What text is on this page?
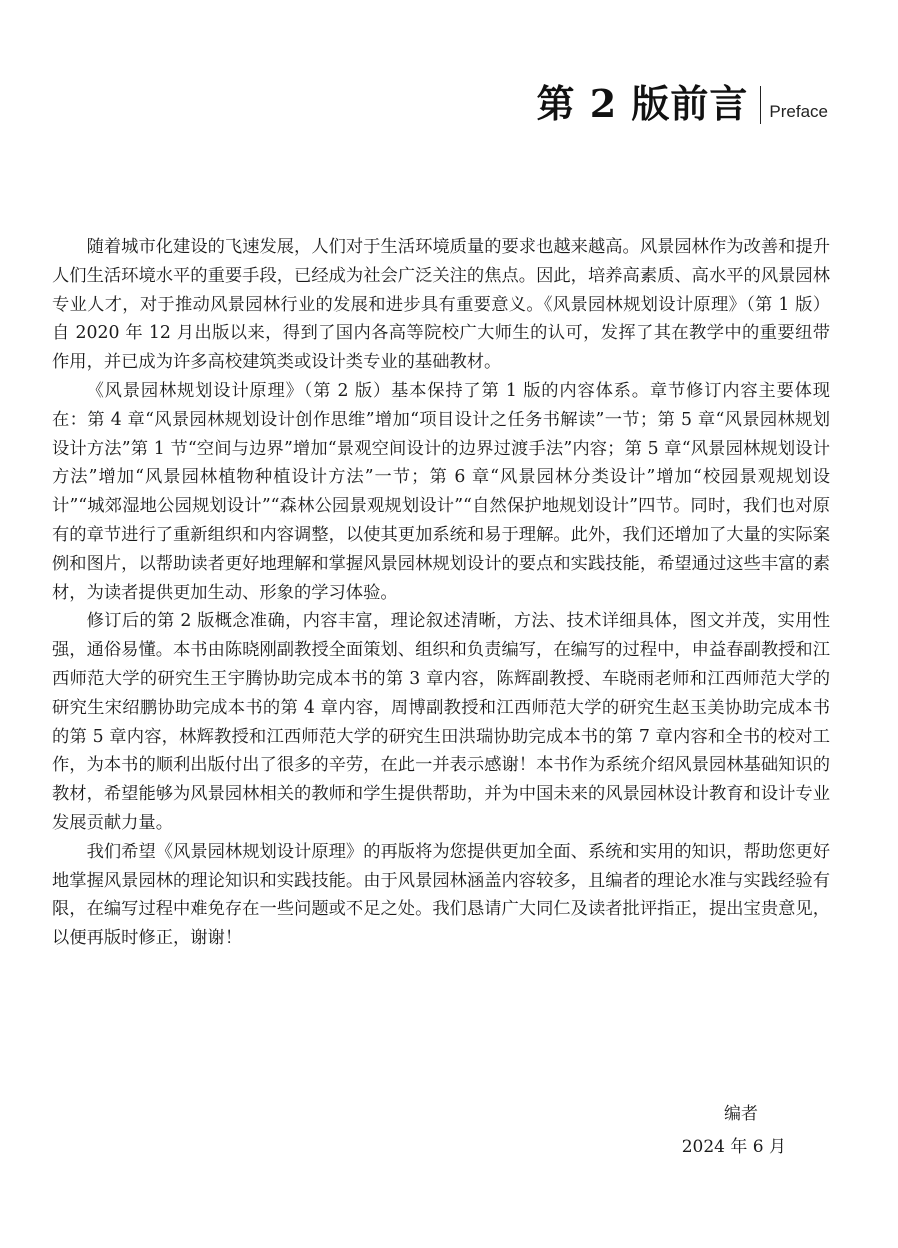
第 2 版前言 Preface

随着城市化建设的飞速发展，人们对于生活环境质量的要求也越来越高。风景园林作为改善和提升人们生活环境水平的重要手段，已经成为社会广泛关注的焦点。因此，培养高素质、高水平的风景园林专业人才，对于推动风景园林行业的发展和进步具有重要意义。《风景园林规划设计原理》（第 1 版）自 2020 年 12 月出版以来，得到了国内各高等院校广大师生的认可，发挥了其在教学中的重要纽带作用，并已成为许多高校建筑类或设计类专业的基础教材。

《风景园林规划设计原理》（第 2 版）基本保持了第 1 版的内容体系。章节修订内容主要体现在：第 4 章“风景园林规划设计创作思维”增加“项目设计之任务书解读”一节；第 5 章“风景园林规划设计方法”第 1 节“空间与边界”增加“景观空间设计的边界过渡手法”内容；第 5 章“风景园林规划设计方法”增加“风景园林植物种植设计方法”一节；第 6 章“风景园林分类设计”增加“校园景观规划设计”“城郊湿地公园规划设计”“森林公园景观规划设计”“自然保护地规划设计”四节。同时，我们也对原有的章节进行了重新组织和内容调整，以使其更加系统和易于理解。此外，我们还增加了大量的实际案例和图片，以帮助读者更好地理解和掌握风景园林规划设计的要点和实践技能，希望通过这些丰富的素材，为读者提供更加生动、形象的学习体验。

修订后的第 2 版概念准确，内容丰富，理论叙述清晰，方法、技术详细具体，图文并茂，实用性强，通俗易懂。本书由陈晓刚副教授全面策划、组织和负责编写，在编写的过程中，申益春副教授和江西师范大学的研究生王宇腾协助完成本书的第 3 章内容，陈辉副教授、车晓雨老师和江西师范大学的研究生宋绍鹏协助完成本书的第 4 章内容，周博副教授和江西师范大学的研究生赵玉美协助完成本书的第 5 章内容，林辉教授和江西师范大学的研究生田洪瑞协助完成本书的第 7 章内容和全书的校对工作，为本书的顺利出版付出了很多的辛劳，在此一并表示感谢！本书作为系统介绍风景园林基础知识的教材，希望能够为风景园林相关的教师和学生提供帮助，并为中国未来的风景园林设计教育和设计专业发展贡献力量。

我们希望《风景园林规划设计原理》的再版将为您提供更加全面、系统和实用的知识，帮助您更好地掌握风景园林的理论知识和实践技能。由于风景园林涵盖内容较多，且编者的理论水准与实践经验有限，在编写过程中难免存在一些问题或不足之处。我们恳请广大同仁及读者批评指正，提出宝贵意见，以便再版时修正，谢谢！

编者
2024 年 6 月
